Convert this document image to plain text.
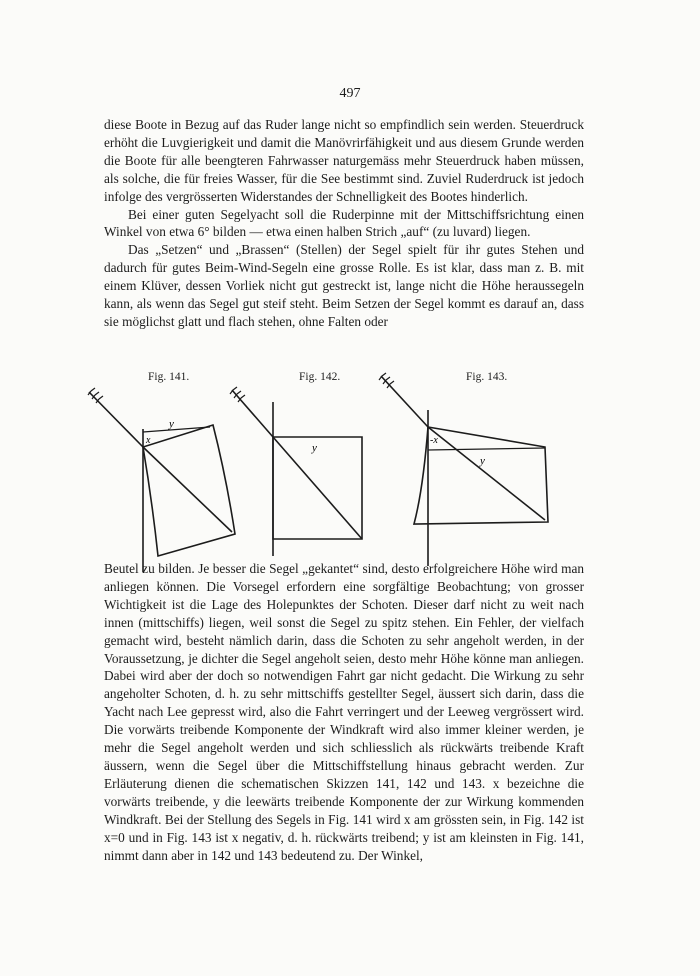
497

diese Boote in Bezug auf das Ruder lange nicht so empfindlich sein werden. Steuerdruck erhöht die Luvgierigkeit und damit die Manövrirfähigkeit und aus diesem Grunde werden die Boote für alle beengteren Fahrwasser naturgemäss mehr Steuerdruck haben müssen, als solche, die für freies Wasser, für die See bestimmt sind. Zuviel Ruderdruck ist jedoch infolge des vergrösserten Widerstandes der Schnelligkeit des Bootes hinderlich.

Bei einer guten Segelyacht soll die Ruderpinne mit der Mittschiffsrichtung einen Winkel von etwa 6° bilden — etwa einen halben Strich „auf“ (zu luvard) liegen.

Das „Setzen“ und „Brassen“ (Stellen) der Segel spielt für ihr gutes Stehen und dadurch für gutes Beim-Wind-Segeln eine grosse Rolle. Es ist klar, dass man z. B. mit einem Klüver, dessen Vorliek nicht gut gestreckt ist, lange nicht die Höhe heraussegeln kann, als wenn das Segel gut steif steht. Beim Setzen der Segel kommt es darauf an, dass sie möglichst glatt und flach stehen, ohne Falten oder

Fig. 141.	Fig. 142.	Fig. 143.
x
y
y
-x
y

Beutel zu bilden. Je besser die Segel „gekantet“ sind, desto erfolgreichere Höhe wird man anliegen können. Die Vorsegel erfordern eine sorgfältige Beobachtung; von grosser Wichtigkeit ist die Lage des Holepunktes der Schoten. Dieser darf nicht zu weit nach innen (mittschiffs) liegen, weil sonst die Segel zu spitz stehen. Ein Fehler, der vielfach gemacht wird, besteht nämlich darin, dass die Schoten zu sehr angeholt werden, in der Voraussetzung, je dichter die Segel angeholt seien, desto mehr Höhe könne man anliegen. Dabei wird aber der doch so notwendigen Fahrt gar nicht gedacht. Die Wirkung zu sehr angeholter Schoten, d. h. zu sehr mittschiffs gestellter Segel, äussert sich darin, dass die Yacht nach Lee gepresst wird, also die Fahrt verringert und der Leeweg vergrössert wird. Die vorwärts treibende Komponente der Windkraft wird also immer kleiner werden, je mehr die Segel angeholt werden und sich schliesslich als rückwärts treibende Kraft äussern, wenn die Segel über die Mittschiffstellung hinaus gebracht werden. Zur Erläuterung dienen die schematischen Skizzen 141, 142 und 143. x bezeichne die vorwärts treibende, y die leewärts treibende Komponente der zur Wirkung kommenden Windkraft. Bei der Stellung des Segels in Fig. 141 wird x am grössten sein, in Fig. 142 ist x=0 und in Fig. 143 ist x negativ, d. h. rückwärts treibend; y ist am kleinsten in Fig. 141, nimmt dann aber in 142 und 143 bedeutend zu. Der Winkel,
